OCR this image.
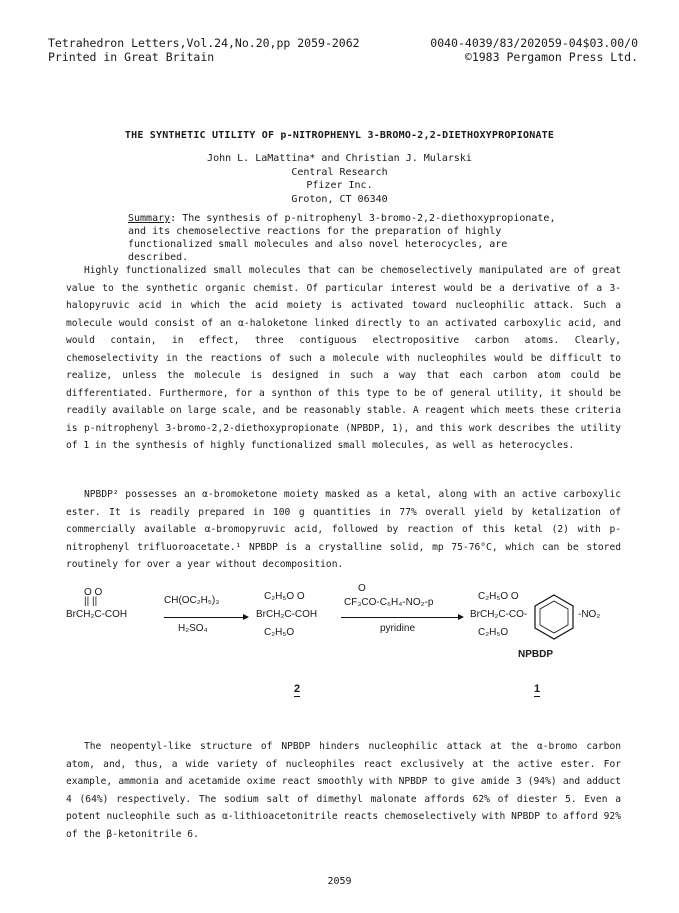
Tetrahedron Letters,Vol.24,No.20,pp 2059-2062	0040-4039/83/202059-04$03.00/0
Printed in Great Britain	©1983 Pergamon Press Ltd.
THE SYNTHETIC UTILITY OF p-NITROPHENYL 3-BROMO-2,2-DIETHOXYPROPIONATE
John L. LaMattina* and Christian J. Mularski
Central Research
Pfizer Inc.
Groton, CT 06340
Summary: The synthesis of p-nitrophenyl 3-bromo-2,2-diethoxypropionate, and its chemoselective reactions for the preparation of highly functionalized small molecules and also novel heterocycles, are described.

Highly functionalized small molecules that can be chemoselectively manipulated are of great value to the synthetic organic chemist. Of particular interest would be a derivative of a 3-halopyruvic acid in which the acid moiety is activated toward nucleophilic attack. Such a molecule would consist of an α-haloketone linked directly to an activated carboxylic acid, and would contain, in effect, three contiguous electropositive carbon atoms. Clearly, chemoselectivity in the reactions of such a molecule with nucleophiles would be difficult to realize, unless the molecule is designed in such a way that each carbon atom could be differentiated. Furthermore, for a synthon of this type to be of general utility, it should be readily available on large scale, and be reasonably stable. A reagent which meets these criteria is p-nitrophenyl 3-bromo-2,2-diethoxypropionate (NPBDP, 1), and this work describes the utility of 1 in the synthesis of highly functionalized small molecules, as well as heterocycles.

NPBDP² possesses an α-bromoketone moiety masked as a ketal, along with an active carboxylic ester. It is readily prepared in 100 g quantities in 77% overall yield by ketalization of commercially available α-bromopyruvic acid, followed by reaction of this ketal (2) with p-nitrophenyl trifluoroacetate.¹ NPBDP is a crystalline solid, mp 75-76°C, which can be stored routinely for over a year without decomposition.

O O
|| ||
BrCH₂C-COH
CH(OC₂H₅)₃
H₂SO₄
C₂H₅O O
BrCH₂C-COH
C₂H₅O
O
CF₃CO-C₆H₄-NO₂-p
pyridine
C₂H₅O O
BrCH₂C-CO-
C₂H₅O
-NO₂
NPBDP
2	1

The neopentyl-like structure of NPBDP hinders nucleophilic attack at the α-bromo carbon atom, and, thus, a wide variety of nucleophiles react exclusively at the active ester. For example, ammonia and acetamide oxime react smoothly with NPBDP to give amide 3 (94%) and adduct 4 (64%) respectively. The sodium salt of dimethyl malonate affords 62% of diester 5. Even a potent nucleophile such as α-lithioacetonitrile reacts chemoselectively with NPBDP to afford 92% of the β-ketonitrile 6.

2059
